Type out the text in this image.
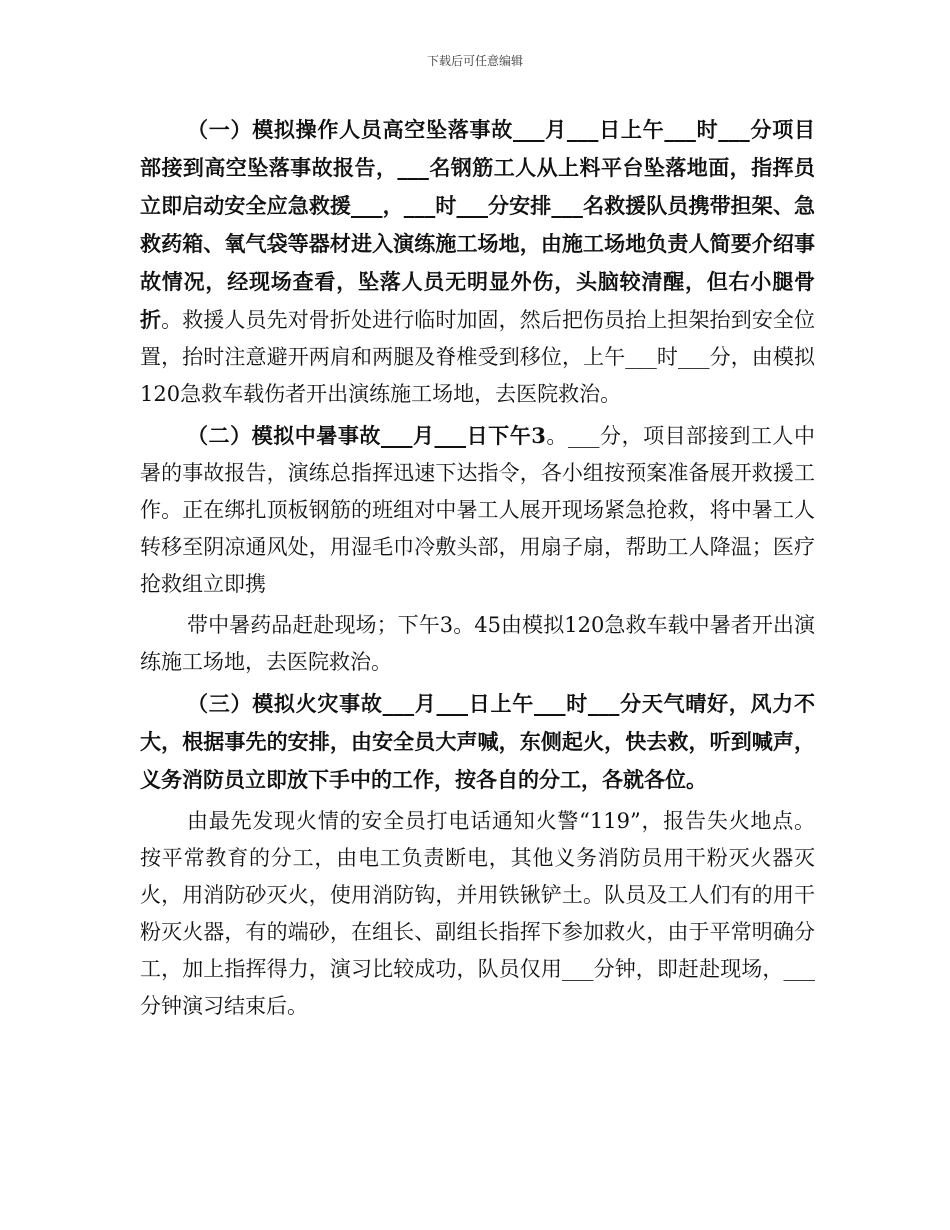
下载后可任意编辑

（一）模拟操作人员高空坠落事故___月___日上午___时___分项目部接到高空坠落事故报告，___名钢筋工人从上料平台坠落地面，指挥员立即启动安全应急救援___，___时___分安排___名救援队员携带担架、急救药箱、氧气袋等器材进入演练施工场地，由施工场地负责人简要介绍事故情况，经现场查看，坠落人员无明显外伤，头脑较清醒，但右小腿骨折。救援人员先对骨折处进行临时加固，然后把伤员抬上担架抬到安全位置，抬时注意避开两肩和两腿及脊椎受到移位，上午___时___分，由模拟120急救车载伤者开出演练施工场地，去医院救治。

（二）模拟中暑事故___月___日下午3。___分，项目部接到工人中暑的事故报告，演练总指挥迅速下达指令，各小组按预案准备展开救援工作。正在绑扎顶板钢筋的班组对中暑工人展开现场紧急抢救，将中暑工人转移至阴凉通风处，用湿毛巾冷敷头部，用扇子扇，帮助工人降温；医疗抢救组立即携

带中暑药品赶赴现场；下午3。45由模拟120急救车载中暑者开出演练施工场地，去医院救治。

（三）模拟火灾事故___月___日上午___时___分天气晴好，风力不大，根据事先的安排，由安全员大声喊，东侧起火，快去救，听到喊声，义务消防员立即放下手中的工作，按各自的分工，各就各位。

由最先发现火情的安全员打电话通知火警“119”，报告失火地点。按平常教育的分工，由电工负责断电，其他义务消防员用干粉灭火器灭火，用消防砂灭火，使用消防钩，并用铁锹铲土。队员及工人们有的用干粉灭火器，有的端砂，在组长、副组长指挥下参加救火，由于平常明确分工，加上指挥得力，演习比较成功，队员仅用___分钟，即赶赴现场，___分钟演习结束后。
